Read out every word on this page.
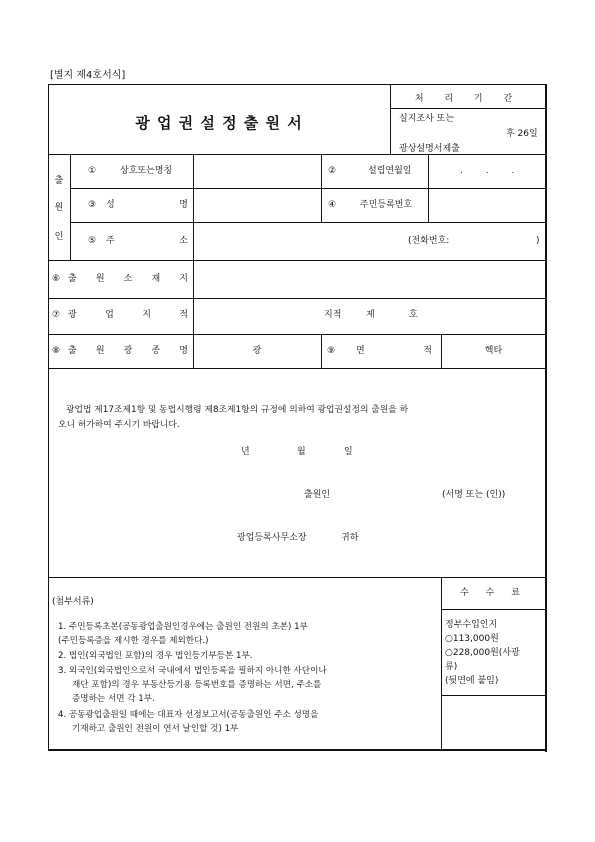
[별지 제4호서식]
광 업 권 설 정 출 원 서
처 리 기 간
실지조사 또는
후 26일
광상설명서제출
출
원
인
①	상호또는명칭	②	설립연월일	. . .
③ 성	명	④	주민등록번호
⑤ 주	소	(전화번호:	)
⑥ 출 원 소 재 지
⑦ 광	업	지	적	지적	제	호
⑧ 출 원 광 종 명	광	⑨ 면	적	헥타
광업법 제17조제1항 및 동법시행령 제8조제1항의 규정에 의하여 광업권설정의 출원을 하
오니 허가하여 주시기 바랍니다.
년	월	일
출원인	(서명 또는 (인))
광업등록사무소장	귀하
수 수 료
정부수입인지
○113,000원
○228,000원(사광
류)
(뒷면에 붙임)
(첨부서류)
1. 주민등록초본(공동광업출원인경우에는 출원인 전원의 초본) 1부
(주민등록증을 제시한 경우를 제외한다.)
2. 법인(외국법인 포함)의 경우 법인등기부등본 1부.
3. 외국인(외국법인으로서 국내에서 법인등록을 필하지 아니한 사단이나
재단 포함)의 경우 부동산등기용 등록번호를 증명하는 서면, 주소를
증명하는 서면 각 1부.
4. 공동광업출원일 때에는 대표자 선정보고서(공동출원인 주소 성명을
기재하고 출원인 전원이 연서 날인할 것) 1부
